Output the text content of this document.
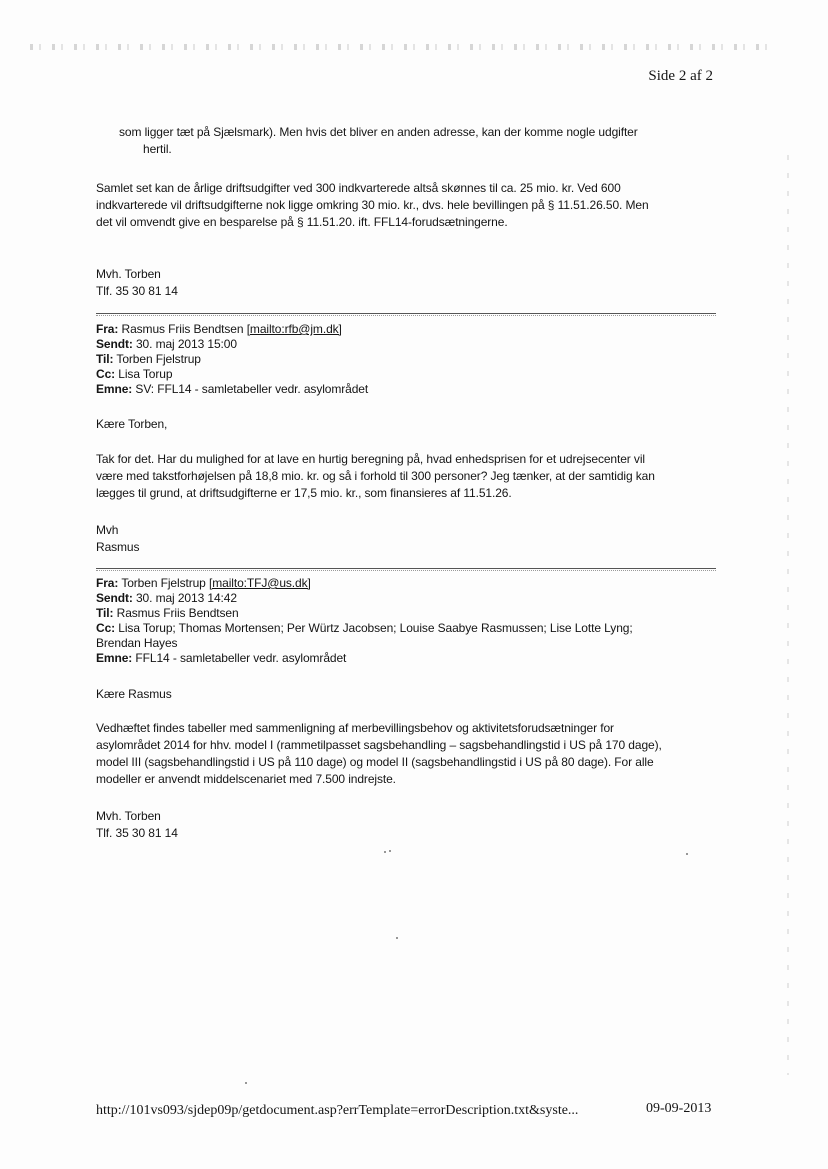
Side 2 af 2
som ligger tæt på Sjælsmark). Men hvis det bliver en anden adresse, kan der komme nogle udgifter
hertil.
Samlet set kan de årlige driftsudgifter ved 300 indkvarterede altså skønnes til ca. 25 mio. kr. Ved 600
indkvarterede vil driftsudgifterne nok ligge omkring 30 mio. kr., dvs. hele bevillingen på § 11.51.26.50. Men
det vil omvendt give en besparelse på § 11.51.20. ift. FFL14-forudsætningerne.
Mvh. Torben
Tlf. 35 30 81 14
Fra: Rasmus Friis Bendtsen [mailto:rfb@jm.dk]
Sendt: 30. maj 2013 15:00
Til: Torben Fjelstrup
Cc: Lisa Torup
Emne: SV: FFL14 - samletabeller vedr. asylområdet
Kære Torben,
Tak for det. Har du mulighed for at lave en hurtig beregning på, hvad enhedsprisen for et udrejsecenter vil
være med takstforhøjelsen på 18,8 mio. kr. og så i forhold til 300 personer? Jeg tænker, at der samtidig kan
lægges til grund, at driftsudgifterne er 17,5 mio. kr., som finansieres af 11.51.26.
Mvh
Rasmus
Fra: Torben Fjelstrup [mailto:TFJ@us.dk]
Sendt: 30. maj 2013 14:42
Til: Rasmus Friis Bendtsen
Cc: Lisa Torup; Thomas Mortensen; Per Würtz Jacobsen; Louise Saabye Rasmussen; Lise Lotte Lyng;
Brendan Hayes
Emne: FFL14 - samletabeller vedr. asylområdet
Kære Rasmus
Vedhæftet findes tabeller med sammenligning af merbevillingsbehov og aktivitetsforudsætninger for
asylområdet 2014 for hhv. model I (rammetilpasset sagsbehandling – sagsbehandlingstid i US på 170 dage),
model III (sagsbehandlingstid i US på 110 dage) og model II (sagsbehandlingstid i US på 80 dage). For alle
modeller er anvendt middelscenariet med 7.500 indrejste.
Mvh. Torben
Tlf. 35 30 81 14
http://101vs093/sjdep09p/getdocument.asp?errTemplate=errorDescription.txt&syste...	09-09-2013
